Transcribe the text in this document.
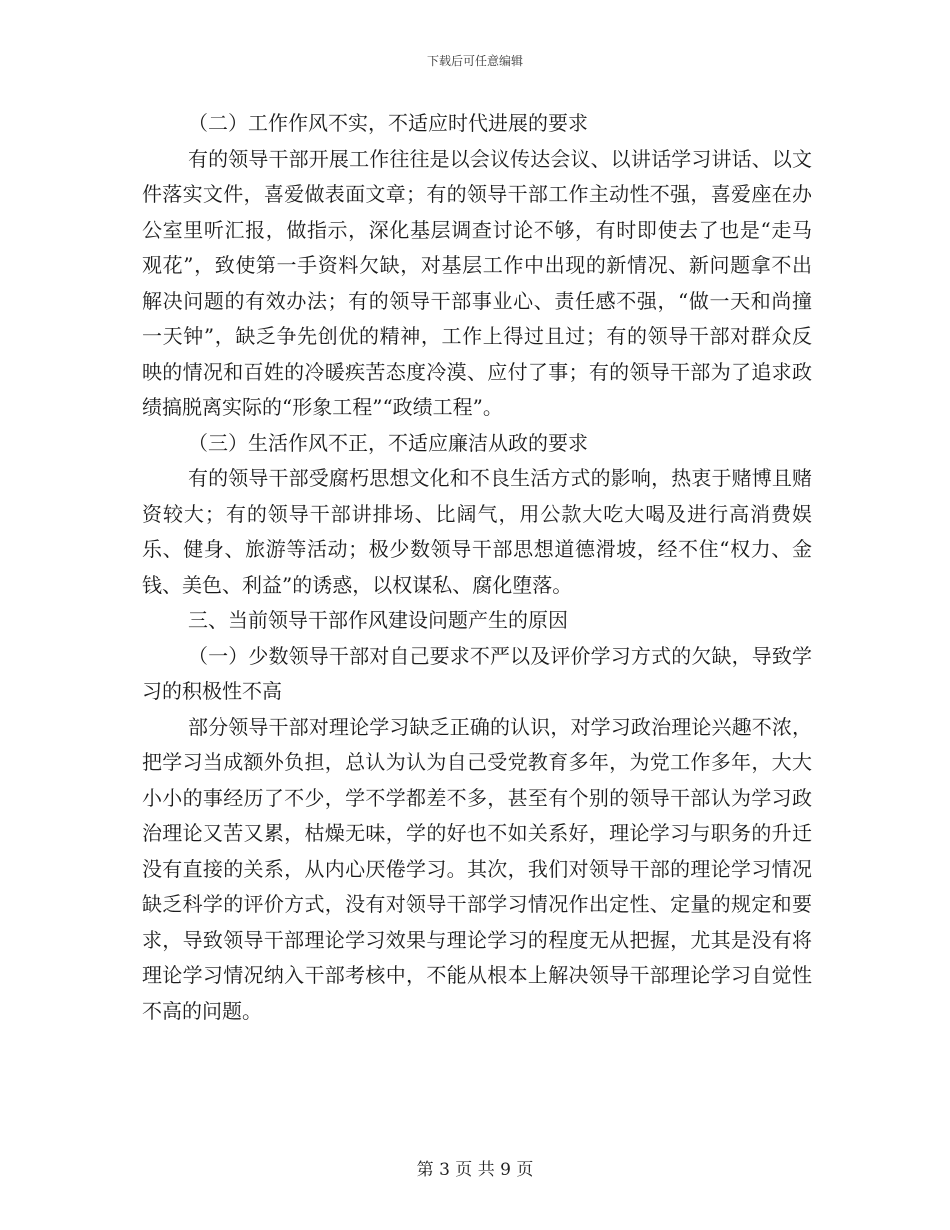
下载后可任意编辑

（二）工作作风不实，不适应时代进展的要求

有的领导干部开展工作往往是以会议传达会议、以讲话学习讲话、以文件落实文件，喜爱做表面文章；有的领导干部工作主动性不强，喜爱座在办公室里听汇报，做指示，深化基层调查讨论不够，有时即使去了也是“走马观花”，致使第一手资料欠缺，对基层工作中出现的新情况、新问题拿不出解决问题的有效办法；有的领导干部事业心、责任感不强，“做一天和尚撞一天钟”，缺乏争先创优的精神，工作上得过且过；有的领导干部对群众反映的情况和百姓的冷暖疾苦态度冷漠、应付了事；有的领导干部为了追求政绩搞脱离实际的“形象工程”“政绩工程”。

（三）生活作风不正，不适应廉洁从政的要求

有的领导干部受腐朽思想文化和不良生活方式的影响，热衷于赌博且赌资较大；有的领导干部讲排场、比阔气，用公款大吃大喝及进行高消费娱乐、健身、旅游等活动；极少数领导干部思想道德滑坡，经不住“权力、金钱、美色、利益”的诱惑，以权谋私、腐化堕落。

三、当前领导干部作风建设问题产生的原因

（一）少数领导干部对自己要求不严以及评价学习方式的欠缺，导致学习的积极性不高

部分领导干部对理论学习缺乏正确的认识，对学习政治理论兴趣不浓，把学习当成额外负担，总认为认为自己受党教育多年，为党工作多年，大大小小的事经历了不少，学不学都差不多，甚至有个别的领导干部认为学习政治理论又苦又累，枯燥无味，学的好也不如关系好，理论学习与职务的升迁没有直接的关系，从内心厌倦学习。其次，我们对领导干部的理论学习情况缺乏科学的评价方式，没有对领导干部学习情况作出定性、定量的规定和要求，导致领导干部理论学习效果与理论学习的程度无从把握，尤其是没有将理论学习情况纳入干部考核中，不能从根本上解决领导干部理论学习自觉性不高的问题。

第 3 页 共 9 页
